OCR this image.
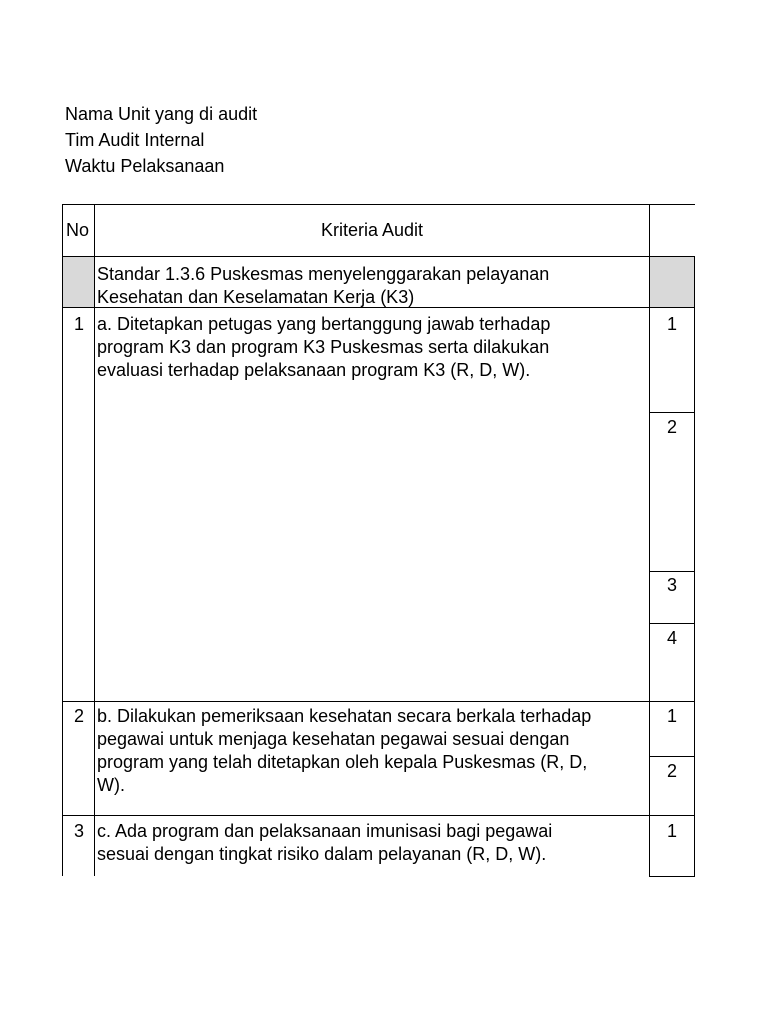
Nama Unit yang di audit
Tim Audit Internal
Waktu Pelaksanaan
No	Kriteria Audit
Standar 1.3.6 Puskesmas menyelenggarakan pelayanan
Kesehatan dan Keselamatan Kerja (K3)
1 a. Ditetapkan petugas yang bertanggung jawab terhadap
program K3 dan program K3 Puskesmas serta dilakukan
evaluasi terhadap pelaksanaan program K3 (R, D, W).
1
2
3
4
2 b. Dilakukan pemeriksaan kesehatan secara berkala terhadap
pegawai untuk menjaga kesehatan pegawai sesuai dengan
program yang telah ditetapkan oleh kepala Puskesmas (R, D,
W).
1
2
3 c. Ada program dan pelaksanaan imunisasi bagi pegawai
sesuai dengan tingkat risiko dalam pelayanan (R, D, W).
1
